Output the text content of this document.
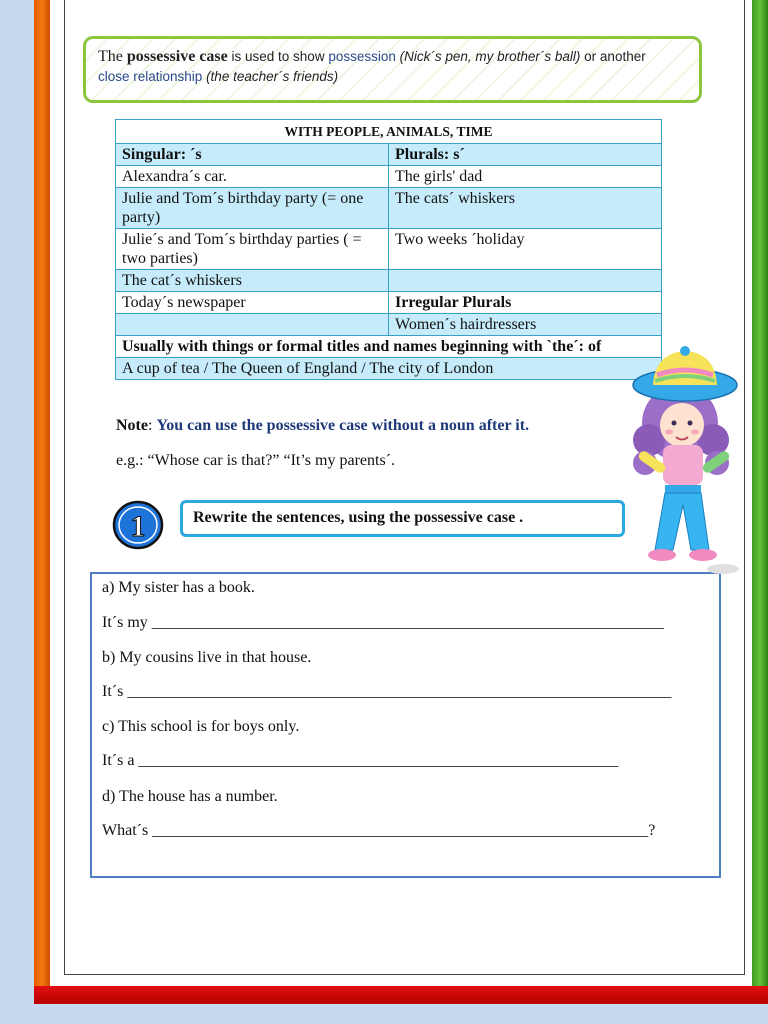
The possessive case is used to show possession (Nick´s pen, my brother´s ball) or another
close relationship (the teacher´s friends)
WITH PEOPLE, ANIMALS, TIME	
Singular: ´s	Plurals: s´
Alexandra´s car.	The girls' dad
Julie and Tom´s birthday party (= one party)	The cats´ whiskers
Julie´s and Tom´s birthday parties ( = two parties)	Two weeks ´holiday
The cat´s whiskers	
Today´s newspaper	Irregular Plurals
	Women´s hairdressers
Usually with things or formal titles and names beginning with `the´: of	
A cup of tea / The Queen of England / The city of London	
Note: You can use the possessive case without a noun after it.
e.g.: “Whose car is that?” “It’s my parents´.
1	Rewrite the sentences, using the possessive case .
a) My sister has a book.
It´s my ________________________________________________________________
b) My cousins live in that house.
It´s ____________________________________________________________________
c) This school is for boys only.
It´s a ____________________________________________________________
d) The house has a number.
What´s ______________________________________________________________?
